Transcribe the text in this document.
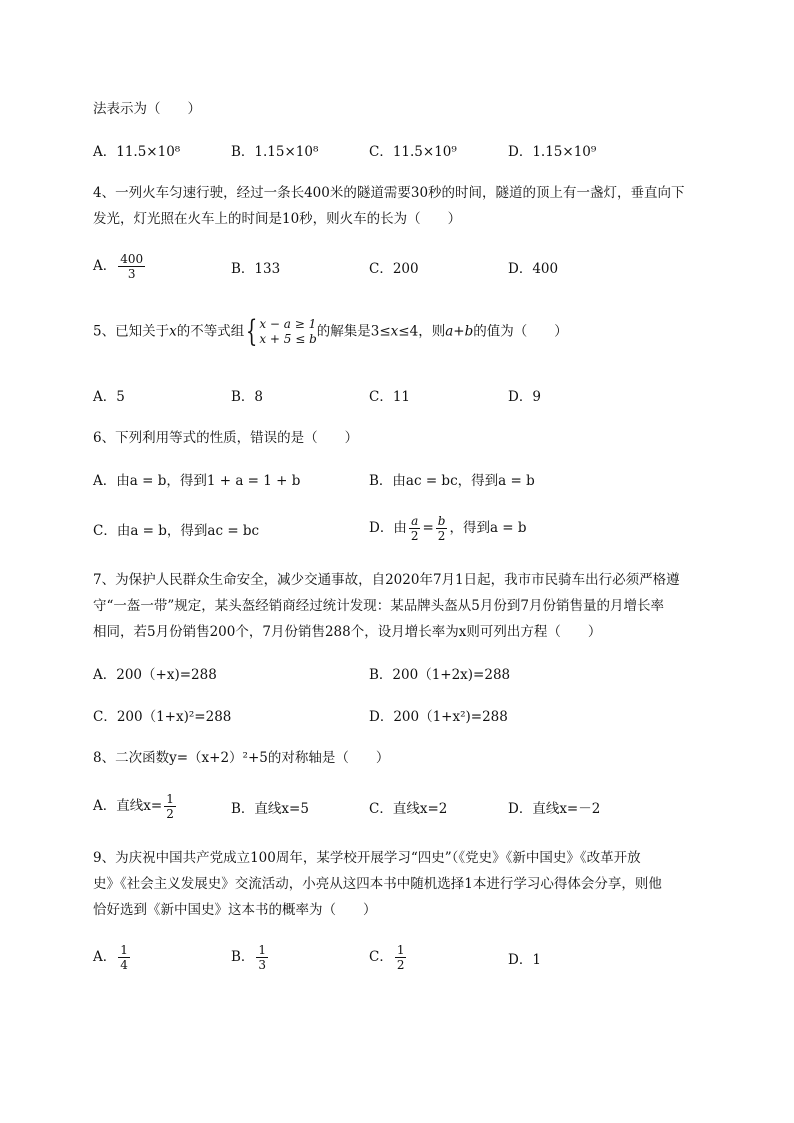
法表示为（　　）
A．11.5×10⁸	B．1.15×10⁸	C．11.5×10⁹	D．1.15×10⁹
4、一列火车匀速行驶，经过一条长400米的隧道需要30秒的时间，隧道的顶上有一盏灯，垂直向下
发光，灯光照在火车上的时间是10秒，则火车的长为（　　）
A． $\frac{400}{3}$	B．133	C．200	D．400
5、已知关于x的不等式组 { x − a ≥ 1
x + 5 ≤ b 的解集是3≤x≤4，则a+b的值为（　　）
A．5	B．8	C．11	D．9
6、下列利用等式的性质，错误的是（　　）
A．由a = b，得到1 + a = 1 + b	B．由ac = bc，得到a = b
C．由a = b，得到ac = bc	D．由 $\frac{a}{2} = \frac{b}{2}$ ，得到a = b
7、为保护人民群众生命安全，减少交通事故，自2020年7月1日起，我市市民骑车出行必须严格遵
守“一盔一带”规定，某头盔经销商经过统计发现：某品牌头盔从5月份到7月份销售量的月增长率
相同，若5月份销售200个，7月份销售288个，设月增长率为x则可列出方程（　　）
A．200（+x)=288	B．200（1+2x)=288
C．200（1+x)²=288	D．200（1+x²)=288
8、二次函数y=（x+2）²+5的对称轴是（　　）
A．直线$x= \frac{1}{2}$	B．直线x=5	C．直线x=2	D．直线x=－2
9、为庆祝中国共产党成立100周年，某学校开展学习“四史”（《党史》《新中国史》《改革开放
史》《社会主义发展史》交流活动，小亮从这四本书中随机选择1本进行学习心得体会分享，则他
恰好选到《新中国史》这本书的概率为（　　）
A． $\frac{1}{4}$	B． $\frac{1}{3}$	C． $\frac{1}{2}$	D．1
